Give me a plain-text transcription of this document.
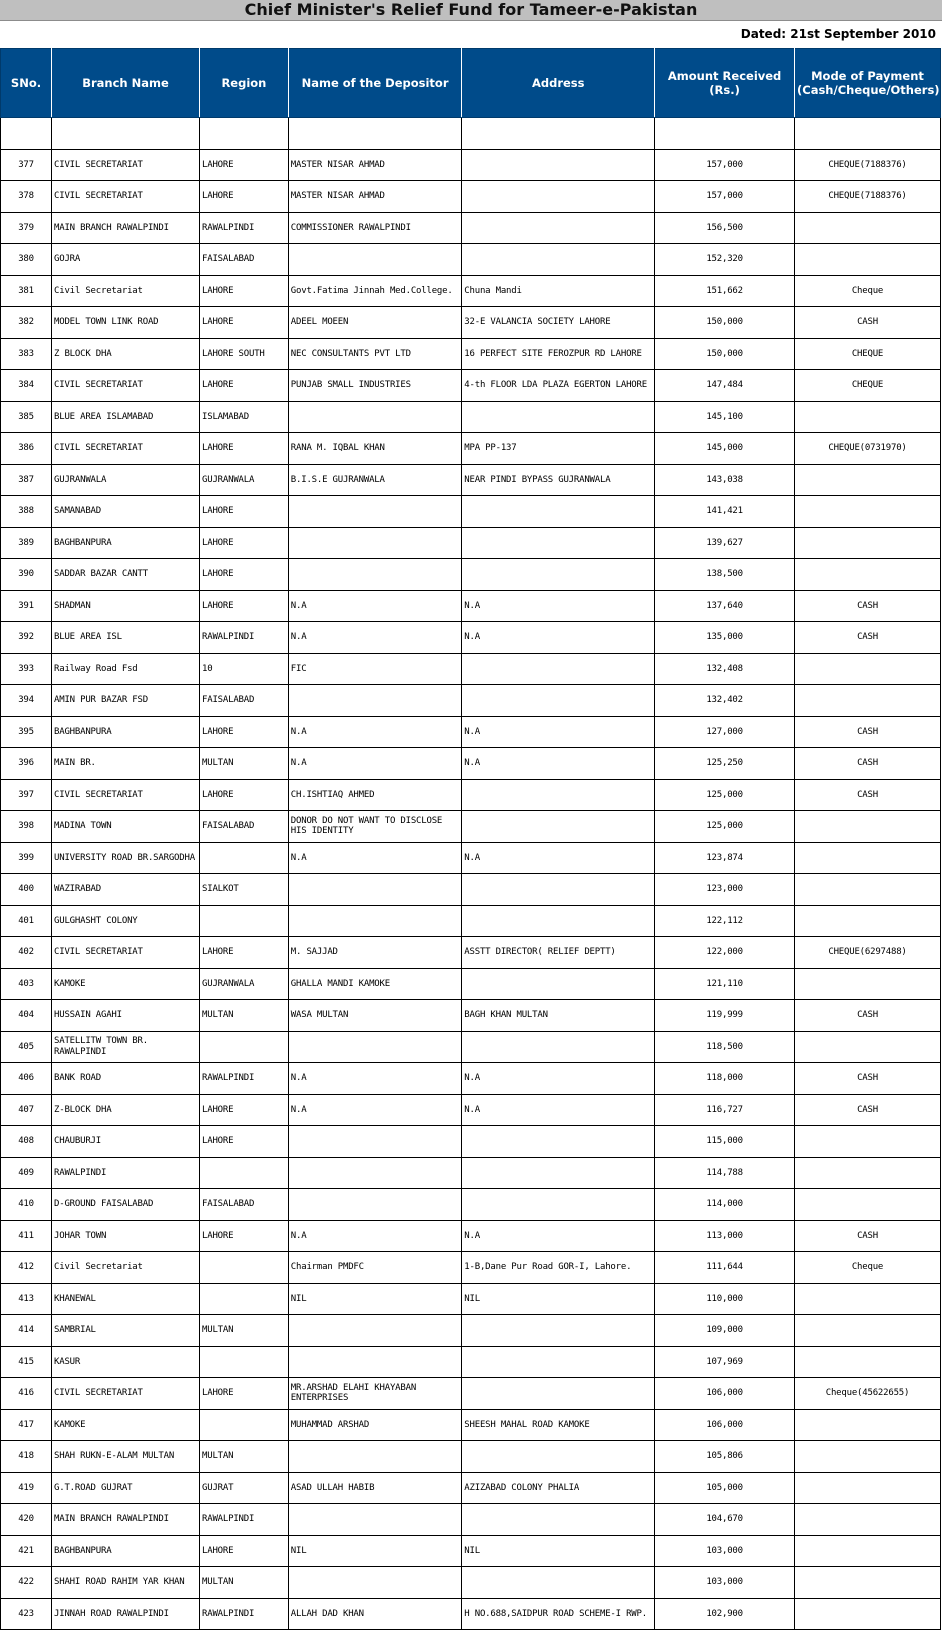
Chief Minister's Relief Fund for Tameer-e-Pakistan
Dated: 21st September 2010
SNo.	Branch Name	Region	Name of the Depositor	Address	Amount Received (Rs.)	Mode of Payment (Cash/Cheque/Others)

377	CIVIL SECRETARIAT	LAHORE	MASTER NISAR AHMAD		157,000	CHEQUE(7188376)
378	CIVIL SECRETARIAT	LAHORE	MASTER NISAR AHMAD		157,000	CHEQUE(7188376)
379	MAIN BRANCH RAWALPINDI	RAWALPINDI	COMMISSIONER RAWALPINDI		156,500	
380	GOJRA	FAISALABAD			152,320	
381	Civil Secretariat	LAHORE	Govt.Fatima Jinnah Med.College.	Chuna Mandi	151,662	Cheque
382	MODEL TOWN LINK ROAD	LAHORE	ADEEL MOEEN	32-E VALANCIA SOCIETY LAHORE	150,000	CASH
383	Z BLOCK DHA	LAHORE SOUTH	NEC CONSULTANTS PVT LTD	16 PERFECT SITE FEROZPUR RD LAHORE	150,000	CHEQUE
384	CIVIL SECRETARIAT	LAHORE	PUNJAB SMALL INDUSTRIES	4-th FLOOR LDA PLAZA EGERTON LAHORE	147,484	CHEQUE
385	BLUE AREA ISLAMABAD	ISLAMABAD			145,100	
386	CIVIL SECRETARIAT	LAHORE	RANA M. IQBAL KHAN	MPA PP-137	145,000	CHEQUE(0731970)
387	GUJRANWALA	GUJRANWALA	B.I.S.E GUJRANWALA	NEAR PINDI BYPASS GUJRANWALA	143,038	
388	SAMANABAD	LAHORE			141,421	
389	BAGHBANPURA	LAHORE			139,627	
390	SADDAR BAZAR CANTT	LAHORE			138,500	
391	SHADMAN	LAHORE	N.A	N.A	137,640	CASH
392	BLUE AREA ISL	RAWALPINDI	N.A	N.A	135,000	CASH
393	Railway Road Fsd	10	FIC		132,408	
394	AMIN PUR BAZAR FSD	FAISALABAD			132,402	
395	BAGHBANPURA	LAHORE	N.A	N.A	127,000	CASH
396	MAIN BR.	MULTAN	N.A	N.A	125,250	CASH
397	CIVIL SECRETARIAT	LAHORE	CH.ISHTIAQ AHMED		125,000	CASH
398	MADINA TOWN	FAISALABAD	DONOR DO NOT WANT TO DISCLOSE HIS IDENTITY		125,000	
399	UNIVERSITY ROAD BR.SARGODHA		N.A	N.A	123,874	
400	WAZIRABAD	SIALKOT			123,000	
401	GULGHASHT COLONY				122,112	
402	CIVIL SECRETARIAT	LAHORE	M. SAJJAD	ASSTT DIRECTOR( RELIEF DEPTT)	122,000	CHEQUE(6297488)
403	KAMOKE	GUJRANWALA	GHALLA MANDI KAMOKE		121,110	
404	HUSSAIN AGAHI	MULTAN	WASA MULTAN	BAGH KHAN MULTAN	119,999	CASH
405	SATELLITW TOWN BR. RAWALPINDI				118,500	
406	BANK ROAD	RAWALPINDI	N.A	N.A	118,000	CASH
407	Z-BLOCK DHA	LAHORE	N.A	N.A	116,727	CASH
408	CHAUBURJI	LAHORE			115,000	
409	RAWALPINDI				114,788	
410	D-GROUND FAISALABAD	FAISALABAD			114,000	
411	JOHAR TOWN	LAHORE	N.A	N.A	113,000	CASH
412	Civil Secretariat		Chairman PMDFC	1-B,Dane Pur Road GOR-I, Lahore.	111,644	Cheque
413	KHANEWAL		NIL	NIL	110,000	
414	SAMBRIAL	MULTAN			109,000	
415	KASUR				107,969	
416	CIVIL SECRETARIAT	LAHORE	MR.ARSHAD ELAHI KHAYABAN ENTERPRISES		106,000	Cheque(45622655)
417	KAMOKE		MUHAMMAD ARSHAD	SHEESH MAHAL ROAD KAMOKE	106,000	
418	SHAH RUKN-E-ALAM MULTAN	MULTAN			105,806	
419	G.T.ROAD GUJRAT	GUJRAT	ASAD ULLAH HABIB	AZIZABAD COLONY PHALIA	105,000	
420	MAIN BRANCH RAWALPINDI	RAWALPINDI			104,670	
421	BAGHBANPURA	LAHORE	NIL	NIL	103,000	
422	SHAHI ROAD RAHIM YAR KHAN	MULTAN			103,000	
423	JINNAH ROAD RAWALPINDI	RAWALPINDI	ALLAH DAD KHAN	H NO.688,SAIDPUR ROAD SCHEME-I RWP.	102,900	
